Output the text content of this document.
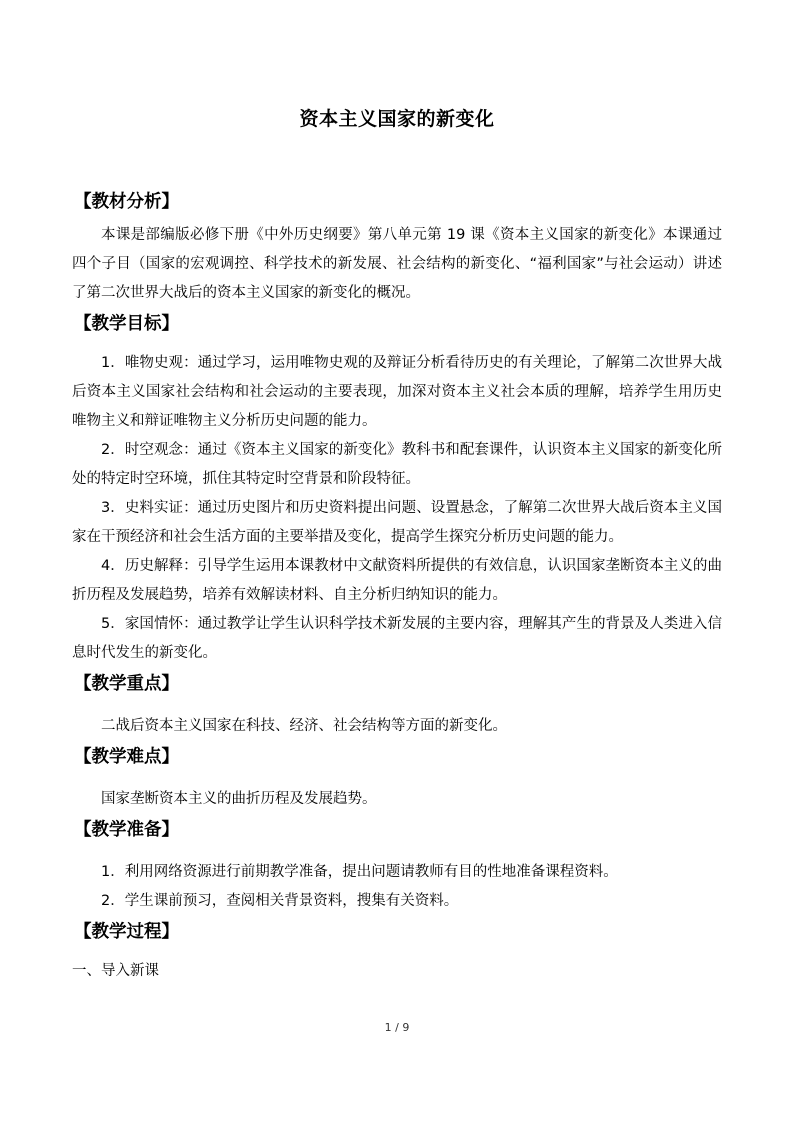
资本主义国家的新变化
【教材分析】

本课是部编版必修下册《中外历史纲要》第八单元第 19 课《资本主义国家的新变化》本课通过四个子目（国家的宏观调控、科学技术的新发展、社会结构的新变化、“福利国家”与社会运动）讲述了第二次世界大战后的资本主义国家的新变化的概况。

【教学目标】

1．唯物史观：通过学习，运用唯物史观的及辩证分析看待历史的有关理论，了解第二次世界大战后资本主义国家社会结构和社会运动的主要表现，加深对资本主义社会本质的理解，培养学生用历史唯物主义和辩证唯物主义分析历史问题的能力。

2．时空观念：通过《资本主义国家的新变化》教科书和配套课件，认识资本主义国家的新变化所处的特定时空环境，抓住其特定时空背景和阶段特征。

3．史料实证：通过历史图片和历史资料提出问题、设置悬念，了解第二次世界大战后资本主义国家在干预经济和社会生活方面的主要举措及变化，提高学生探究分析历史问题的能力。

4．历史解释：引导学生运用本课教材中文献资料所提供的有效信息，认识国家垄断资本主义的曲折历程及发展趋势，培养有效解读材料、自主分析归纳知识的能力。

5．家国情怀：通过教学让学生认识科学技术新发展的主要内容，理解其产生的背景及人类进入信息时代发生的新变化。

【教学重点】

二战后资本主义国家在科技、经济、社会结构等方面的新变化。

【教学难点】

国家垄断资本主义的曲折历程及发展趋势。

【教学准备】

1．利用网络资源进行前期教学准备，提出问题请教师有目的性地准备课程资料。

2．学生课前预习，查阅相关背景资料，搜集有关资料。

【教学过程】

一、导入新课

1 / 9
